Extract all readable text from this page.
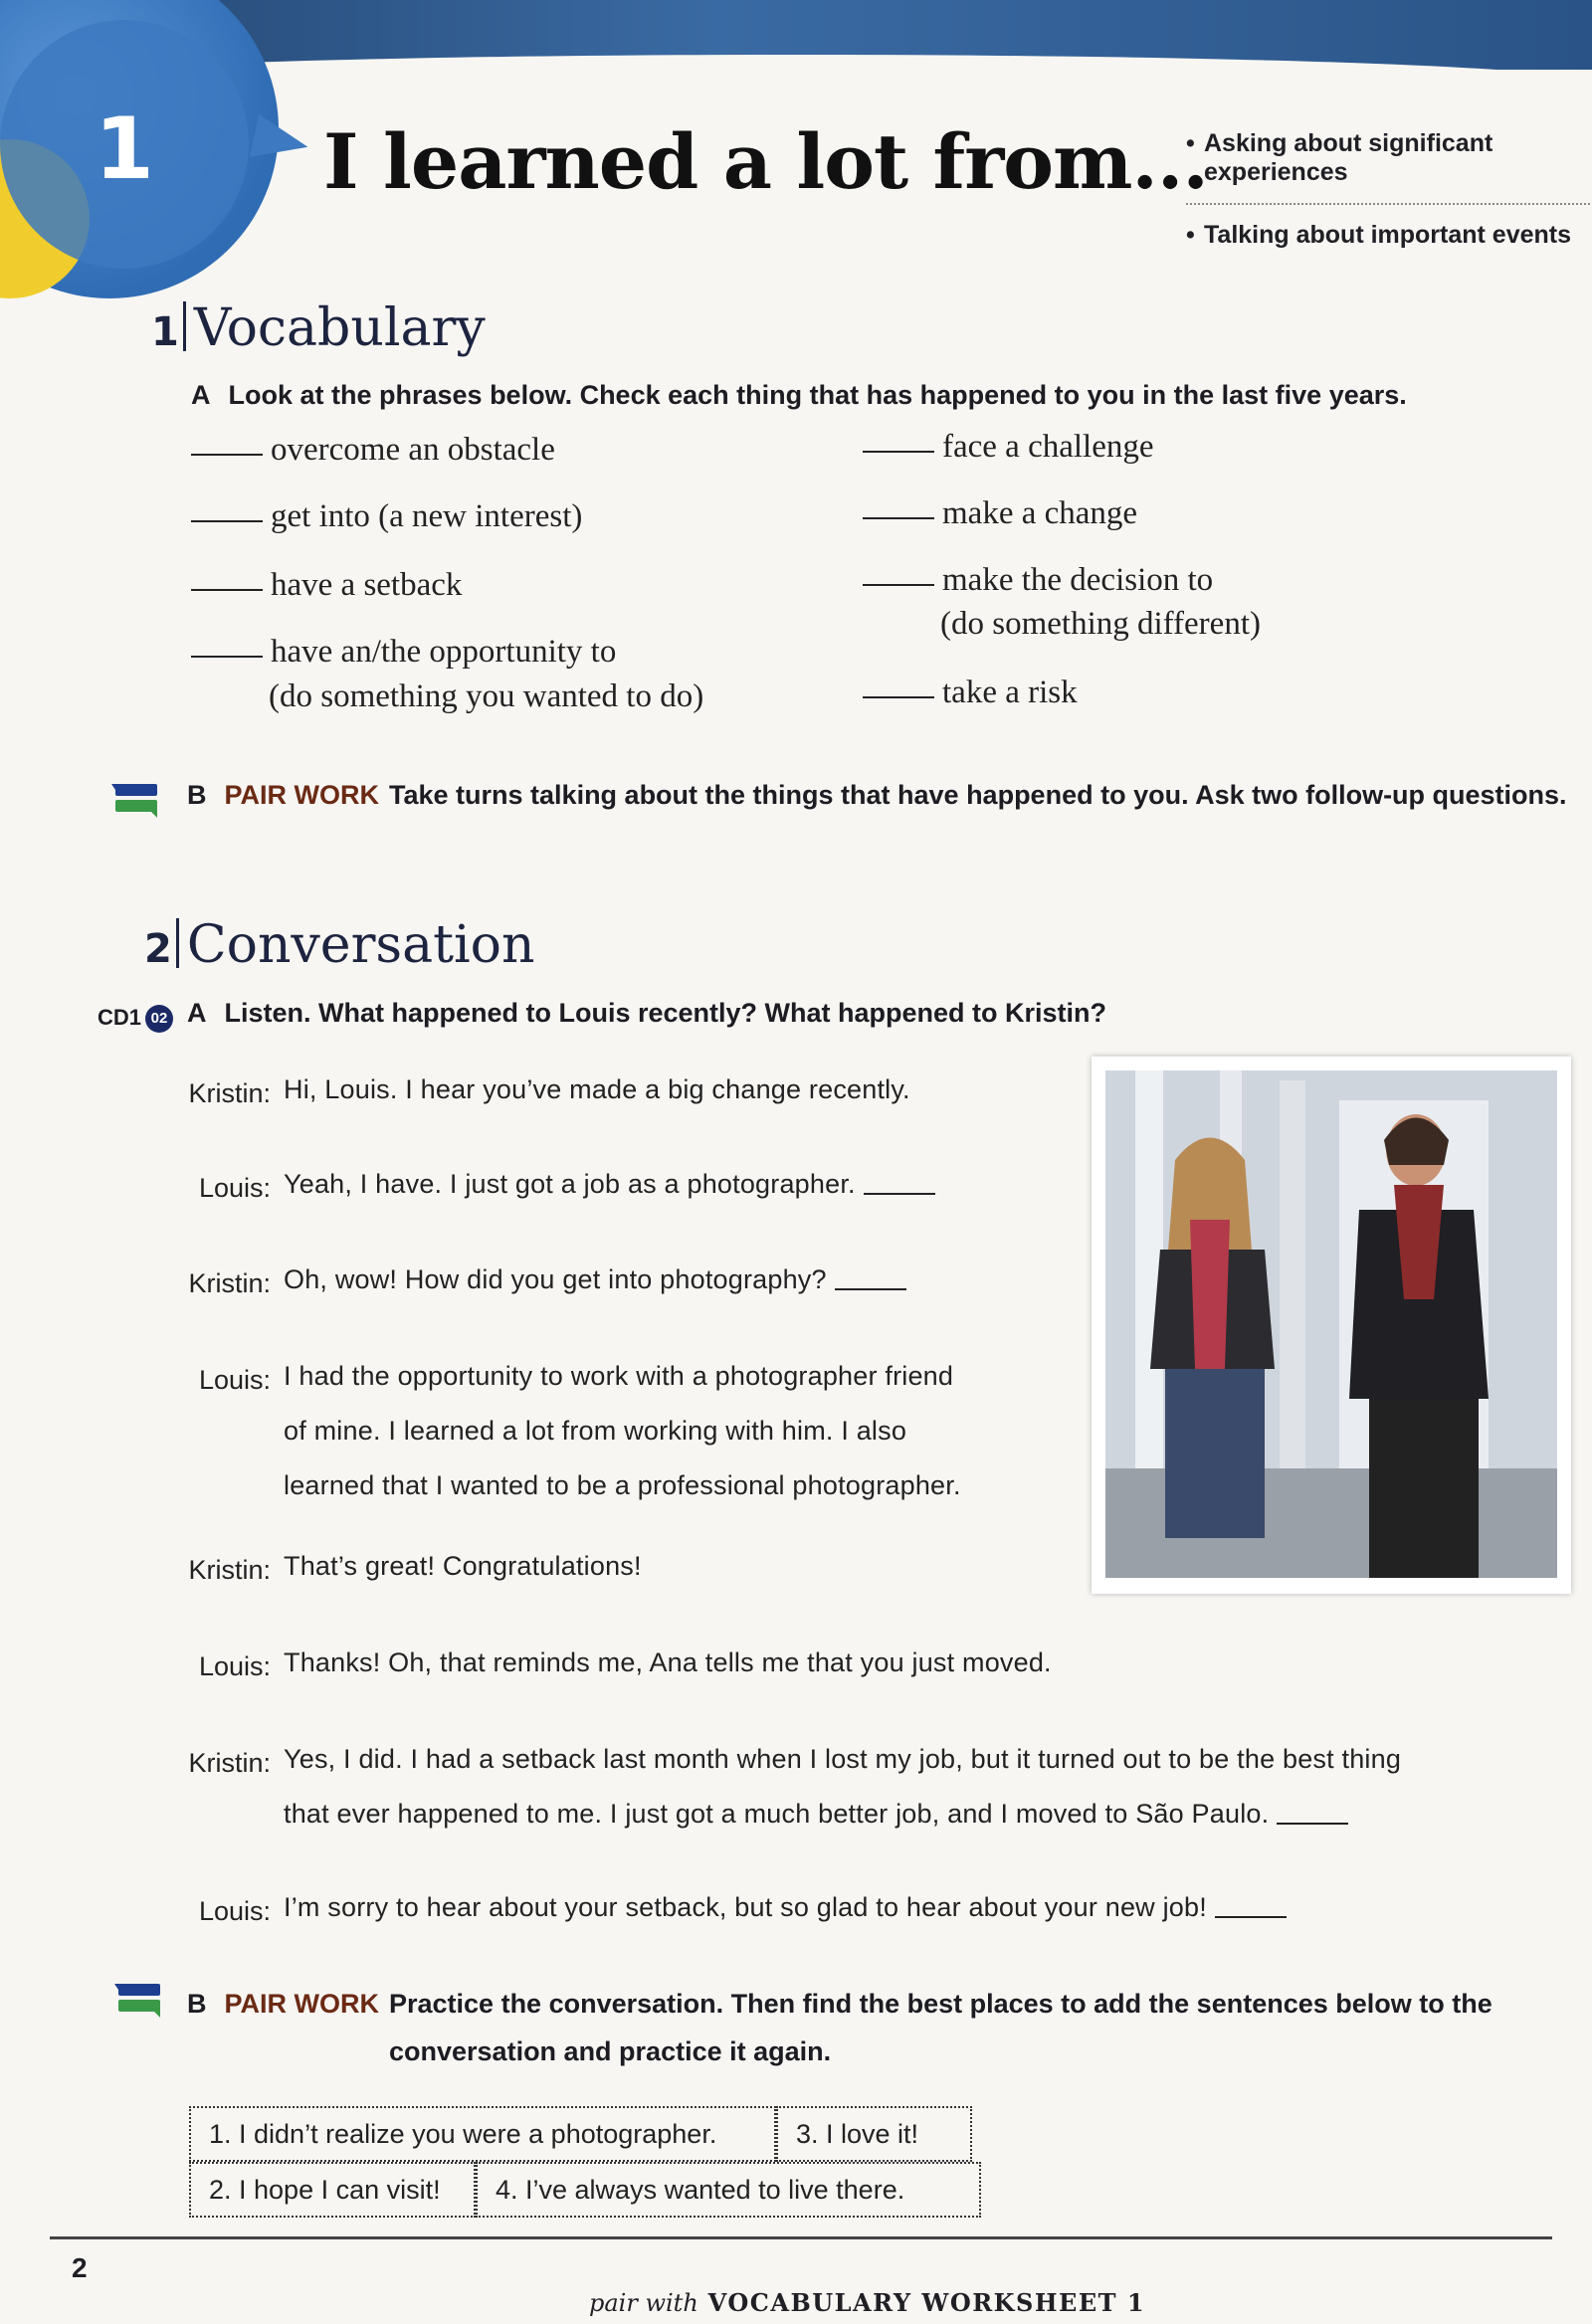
1 I learned a lot from...
• Asking about significant experiences
• Talking about important events
1 Vocabulary
A Look at the phrases below. Check each thing that has happened to you in the last five years.
overcome an obstacle
get into (a new interest)
have a setback
have an/the opportunity to
(do something you wanted to do)
face a challenge
make a change
make the decision to
(do something different)
take a risk
B PAIR WORK Take turns talking about the things that have happened to you. Ask two follow-up questions.
2 Conversation
CD1 02 A Listen. What happened to Louis recently? What happened to Kristin?
Kristin: Hi, Louis. I hear you’ve made a big change recently.
Louis: Yeah, I have. I just got a job as a photographer.
Kristin: Oh, wow! How did you get into photography?
Louis: I had the opportunity to work with a photographer friend
of mine. I learned a lot from working with him. I also
learned that I wanted to be a professional photographer.
Kristin: That’s great! Congratulations!
Louis: Thanks! Oh, that reminds me, Ana tells me that you just moved.
Kristin: Yes, I did. I had a setback last month when I lost my job, but it turned out to be the best thing
that ever happened to me. I just got a much better job, and I moved to São Paulo.
Louis: I’m sorry to hear about your setback, but so glad to hear about your new job!
B PAIR WORK Practice the conversation. Then find the best places to add the sentences below to the
conversation and practice it again.
1. I didn’t realize you were a photographer.	3. I love it!
2. I hope I can visit!	4. I’ve always wanted to live there.
2
pair with VOCABULARY WORKSHEET 1
